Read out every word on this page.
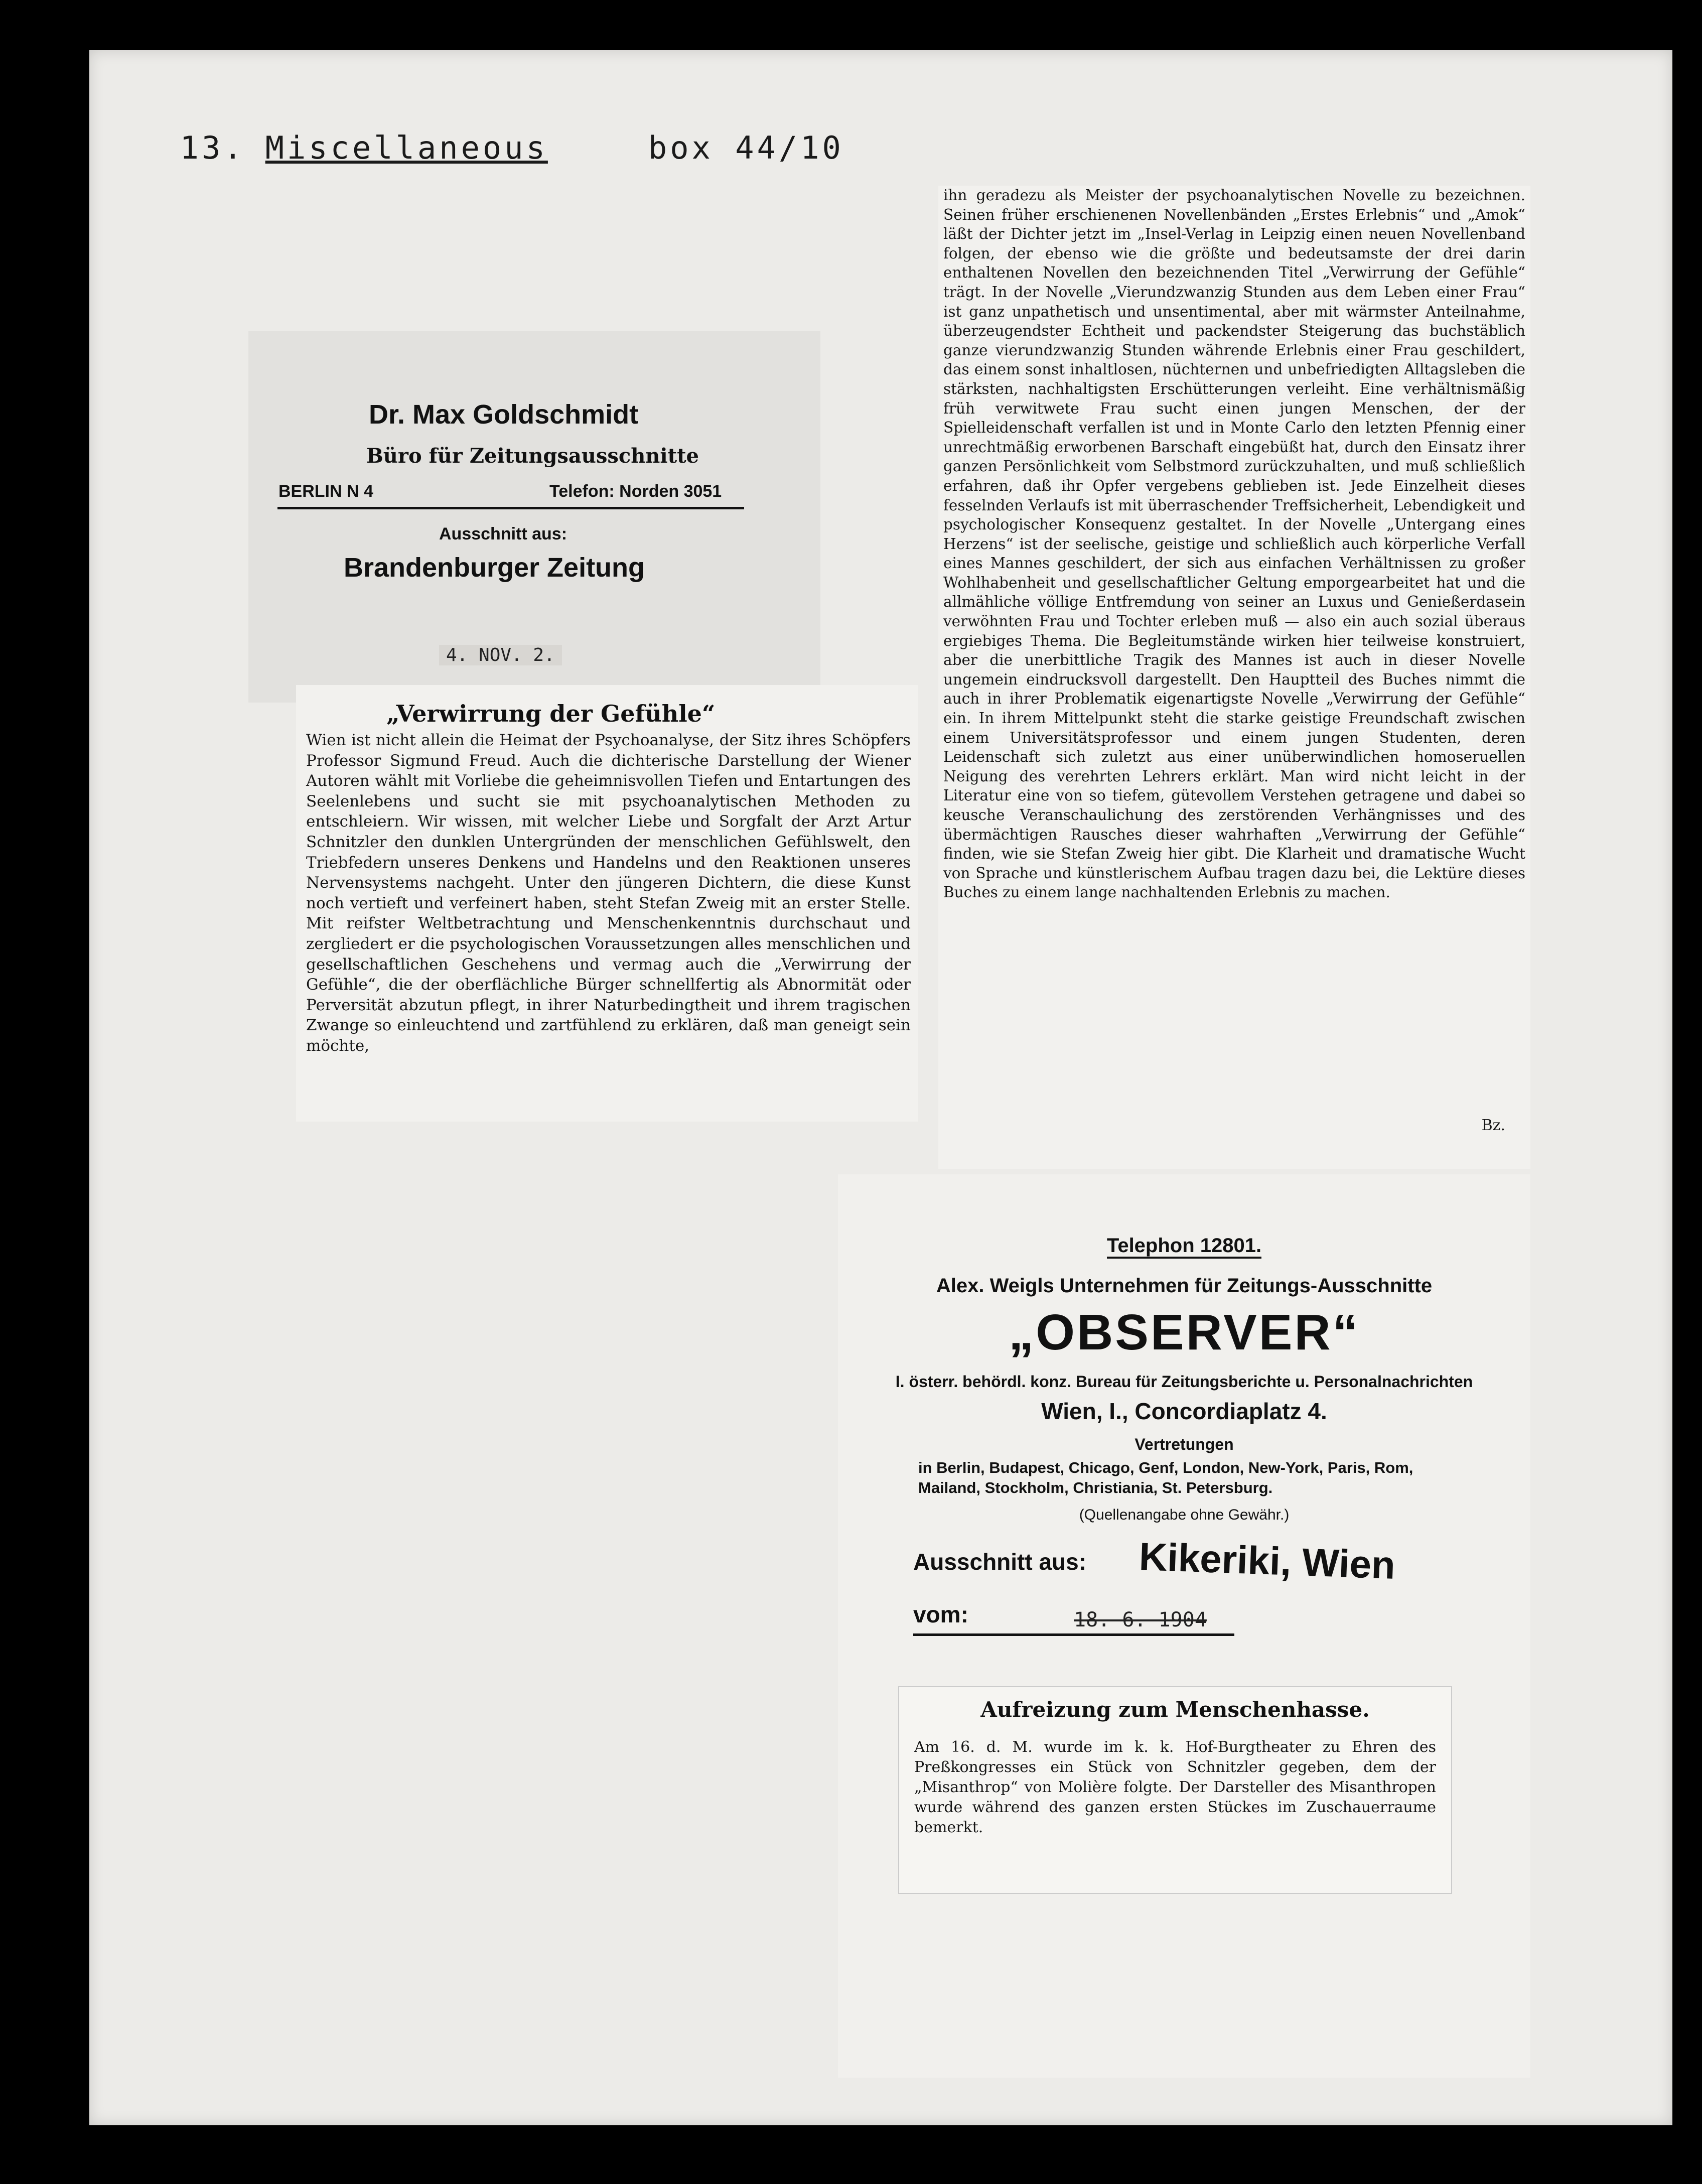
13. Miscellaneous	box 44/10

Dr. Max Goldschmidt
Büro für Zeitungsausschnitte
BERLIN N 4	Telefon: Norden 3051
Ausschnitt aus:
Brandenburger Zeitung
4. NOV. 2.
„Verwirrung der Gefühle“
Wien ist nicht allein die Heimat der Psychoanalyse, der Sitz ihres Schöpfers Professor Sigmund Freud. Auch die dichterische Darstellung der Wiener Autoren wählt mit Vorliebe die geheimnisvollen Tiefen und Entartungen des Seelenlebens und sucht sie mit psychoanalytischen Methoden zu entschleiern. Wir wissen, mit welcher Liebe und Sorgfalt der Arzt Artur Schnitzler den dunklen Untergründen der menschlichen Gefühlswelt, den Triebfedern unseres Denkens und Handelns und den Reaktionen unseres Nervensystems nachgeht. Unter den jüngeren Dichtern, die diese Kunst noch vertieft und verfeinert haben, steht Stefan Zweig mit an erster Stelle. Mit reifster Weltbetrachtung und Menschenkenntnis durchschaut und zergliedert er die psychologischen Voraussetzungen alles menschlichen und gesellschaftlichen Geschehens und vermag auch die „Verwirrung der Gefühle“, die der oberflächliche Bürger schnellfertig als Abnormität oder Perversität abzutun pflegt, in ihrer Naturbedingtheit und ihrem tragischen Zwange so einleuchtend und zartfühlend zu erklären, daß man geneigt sein möchte,
ihn geradezu als Meister der psychoanalytischen Novelle zu bezeichnen. Seinen früher erschienenen Novellenbänden „Erstes Erlebnis“ und „Amok“ läßt der Dichter jetzt im „Insel-Verlag in Leipzig einen neuen Novellenband folgen, der ebenso wie die größte und bedeutsamste der drei darin enthaltenen Novellen den bezeichnenden Titel „Verwirrung der Gefühle“ trägt. In der Novelle „Vierundzwanzig Stunden aus dem Leben einer Frau“ ist ganz unpathetisch und unsentimental, aber mit wärmster Anteilnahme, überzeugendster Echtheit und packendster Steigerung das buchstäblich ganze vierundzwanzig Stunden währende Erlebnis einer Frau geschildert, das einem sonst inhaltlosen, nüchternen und unbefriedigten Alltagsleben die stärksten, nachhaltigsten Erschütterungen verleiht. Eine verhältnismäßig früh verwitwete Frau sucht einen jungen Menschen, der der Spielleidenschaft verfallen ist und in Monte Carlo den letzten Pfennig einer unrechtmäßig erworbenen Barschaft eingebüßt hat, durch den Einsatz ihrer ganzen Persönlichkeit vom Selbstmord zurückzuhalten, und muß schließlich erfahren, daß ihr Opfer vergebens geblieben ist. Jede Einzelheit dieses fesselnden Verlaufs ist mit überraschender Treffsicherheit, Lebendigkeit und psychologischer Konsequenz gestaltet. In der Novelle „Untergang eines Herzens“ ist der seelische, geistige und schließlich auch körperliche Verfall eines Mannes geschildert, der sich aus einfachen Verhältnissen zu großer Wohlhabenheit und gesellschaftlicher Geltung emporgearbeitet hat und die allmähliche völlige Entfremdung von seiner an Luxus und Genießerdasein verwöhnten Frau und Tochter erleben muß — also ein auch sozial überaus ergiebiges Thema. Die Begleitumstände wirken hier teilweise konstruiert, aber die unerbittliche Tragik des Mannes ist auch in dieser Novelle ungemein eindrucksvoll dargestellt. Den Hauptteil des Buches nimmt die auch in ihrer Problematik eigenartigste Novelle „Verwirrung der Gefühle“ ein. In ihrem Mittelpunkt steht die starke geistige Freundschaft zwischen einem Universitätsprofessor und einem jungen Studenten, deren Leidenschaft sich zuletzt aus einer unüberwindlichen homoseruellen Neigung des verehrten Lehrers erklärt. Man wird nicht leicht in der Literatur eine von so tiefem, gütevollem Verstehen getragene und dabei so keusche Veranschaulichung des zerstörenden Verhängnisses und des übermächtigen Rausches dieser wahrhaften „Verwirrung der Gefühle“ finden, wie sie Stefan Zweig hier gibt. Die Klarheit und dramatische Wucht von Sprache und künstlerischem Aufbau tragen dazu bei, die Lektüre dieses Buches zu einem lange nachhaltenden Erlebnis zu machen.
Bz.
Telephon 12801.
Alex. Weigls Unternehmen für Zeitungs-Ausschnitte
„OBSERVER“
I. österr. behördl. konz. Bureau für Zeitungsberichte u. Personalnachrichten
Wien, I., Concordiaplatz 4.
Vertretungen
in Berlin, Budapest, Chicago, Genf, London, New-York, Paris, Rom, Mailand, Stockholm, Christiania, St. Petersburg.
(Quellenangabe ohne Gewähr.)
Ausschnitt aus: Kikeriki, Wien
vom:	18. 6. 1904
Aufreizung zum Menschenhasse.
Am 16. d. M. wurde im k. k. Hof-Burgtheater zu Ehren des Preßkongresses ein Stück von Schnitzler gegeben, dem der „Misanthrop“ von Molière folgte. Der Darsteller des Misanthropen wurde während des ganzen ersten Stückes im Zuschauerraume bemerkt.
